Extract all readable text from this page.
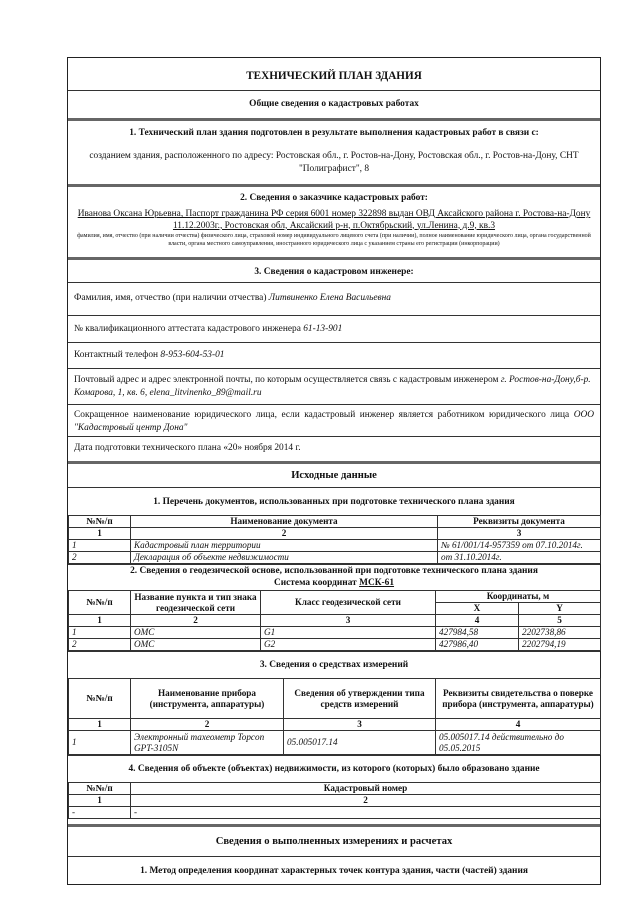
ТЕХНИЧЕСКИЙ ПЛАН ЗДАНИЯ
Общие сведения о кадастровых работах
1. Технический план здания подготовлен в результате выполнения кадастровых работ в связи с:
созданием здания, расположенного по адресу: Ростовская обл., г. Ростов-на-Дону, Ростовская обл., г. Ростов-на-Дону, СНТ "Полиграфист", 8
2. Сведения о заказчике кадастровых работ:
Иванова Оксана Юрьевна, Паспорт гражданина РФ серия 6001 номер 322898 выдан ОВД Аксайского района г. Ростова-на-Дону 11.12.2003г., Ростовская обл, Аксайский р-н, п.Октябрьский, ул.Ленина, д.9, кв.3
фамилия, имя, отчество (при наличии отчества) физического лица, страховой номер индивидуального лицевого счета (при наличии), полное наименование юридического лица, органа государственной власти, органа местного самоуправления, иностранного юридического лица с указанием страны его регистрации (инкорпорации)
3. Сведения о кадастровом инженере:
Фамилия, имя, отчество (при наличии отчества) Литвиненко Елена Васильевна
№ квалификационного аттестата кадастрового инженера 61-13-901
Контактный телефон 8-953-604-53-01
Почтовый адрес и адрес электронной почты, по которым осуществляется связь с кадастровым инженером г. Ростов-на-Дону,б-р. Комарова, 1, кв. 6, elena_litvinenko_89@mail.ru
Сокращенное наименование юридического лица, если кадастровый инженер является работником юридического лица ООО "Кадастровый центр Дона"
Дата подготовки технического плана «20» ноября 2014 г.
Исходные данные
1. Перечень документов, использованных при подготовке технического плана здания
№№/п	Наименование документа	Реквизиты документа
1	2	3
1	Кадастровый план территории	№ 61/001/14-957359 от 07.10.2014г.
2	Декларация об объекте недвижимости	от 31.10.2014г.
2. Сведения о геодезической основе, использованной при подготовке технического плана здания
Система координат МСК-61
№№/п	Название пункта и тип знака геодезической сети	Класс геодезической сети	Координаты, м	
			X	Y
1	2	3	4	5
1	ОМС	G1	427984,58	2202738,86
2	ОМС	G2	427986,40	2202794,19
3. Сведения о средствах измерений
№№/п	Наименование прибора (инструмента, аппаратуры)	Сведения об утверждении типа средств измерений	Реквизиты свидетельства о поверке прибора (инструмента, аппаратуры)
1	2	3	4
1	Электронный тахеометр Topcon GPT-3105N	05.005017.14	05.005017.14 действительно до 05.05.2015
4. Сведения об объекте (объектах) недвижимости, из которого (которых) было образовано здание
№№/п	Кадастровый номер
1	2
-	-
Сведения о выполненных измерениях и расчетах
1. Метод определения координат характерных точек контура здания, части (частей) здания
